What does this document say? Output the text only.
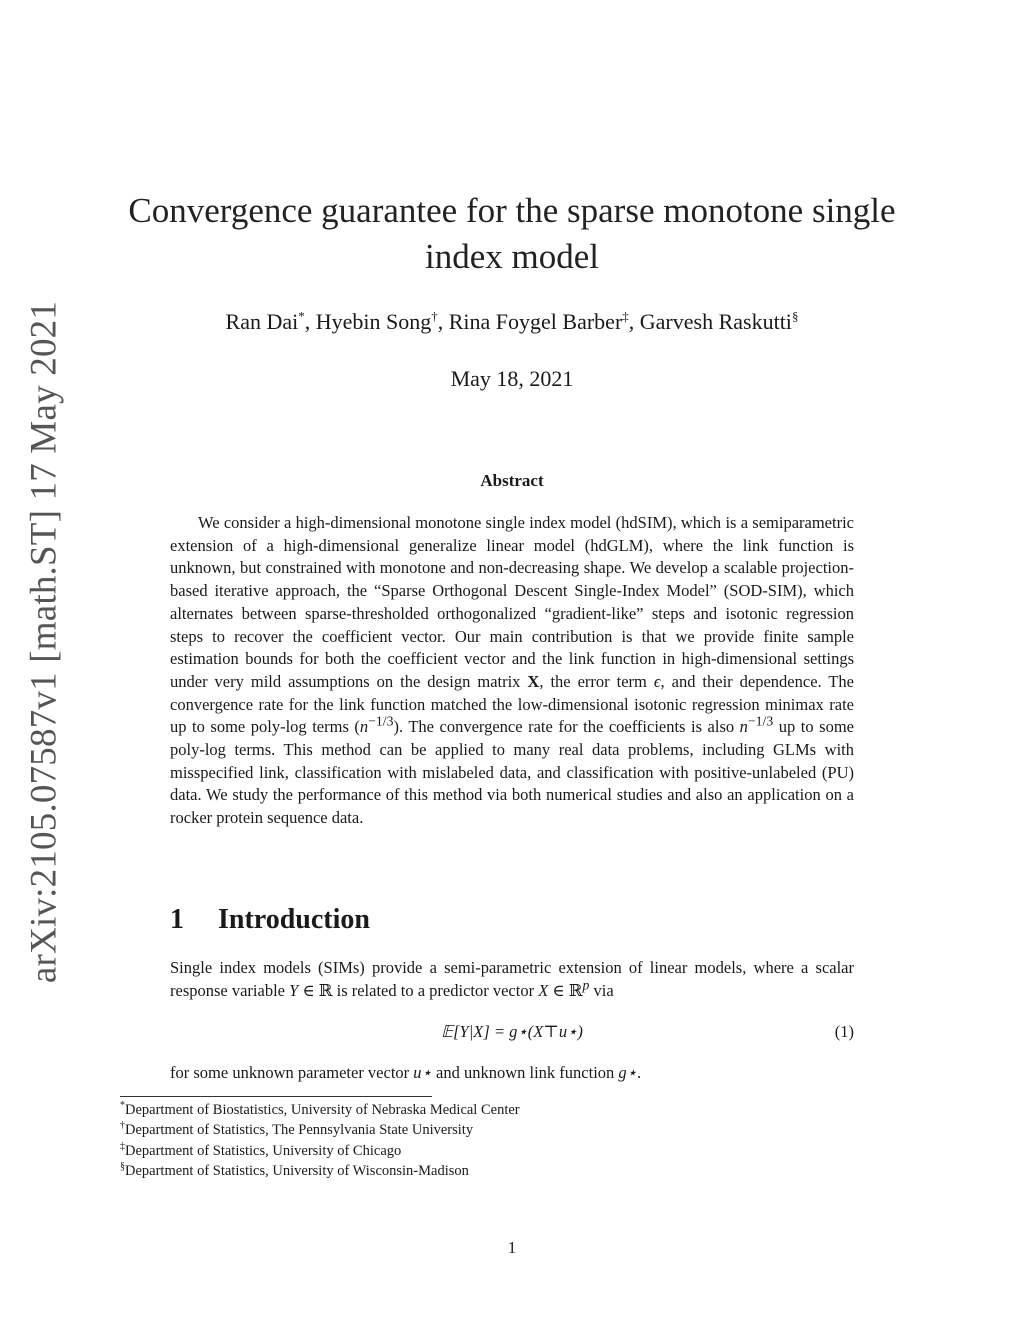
arXiv:2105.07587v1 [math.ST] 17 May 2021
Convergence guarantee for the sparse monotone single
index model
Ran Dai*, Hyebin Song†, Rina Foygel Barber‡, Garvesh Raskutti§
May 18, 2021
Abstract

We consider a high-dimensional monotone single index model (hdSIM), which is a semiparametric extension of a high-dimensional generalize linear model (hdGLM), where the link function is unknown, but constrained with monotone and non-decreasing shape. We develop a scalable projection-based iterative approach, the “Sparse Orthogonal Descent Single-Index Model” (SOD-SIM), which alternates between sparse-thresholded orthogonalized “gradient-like” steps and isotonic regression steps to recover the coefficient vector. Our main contribution is that we provide finite sample estimation bounds for both the coefficient vector and the link function in high-dimensional settings under very mild assumptions on the design matrix X, the error term ϵ, and their dependence. The convergence rate for the link function matched the low-dimensional isotonic regression minimax rate up to some poly-log terms $(n^{-1/3})$. The convergence rate for the coefficients is also $n^{-1/3}$ up to some poly-log terms. This method can be applied to many real data problems, including GLMs with misspecified link, classification with mislabeled data, and classification with positive-unlabeled (PU) data. We study the performance of this method via both numerical studies and also an application on a rocker protein sequence data.

1 Introduction

Single index models (SIMs) provide a semi-parametric extension of linear models, where a scalar response variable Y ∈ ℝ is related to a predictor vector X ∈ ℝ$^p$ via

𝔼[Y|X] = g⋆(X⊤u⋆)	(1)

for some unknown parameter vector u⋆ and unknown link function g⋆.

*Department of Biostatistics, University of Nebraska Medical Center
†Department of Statistics, The Pennsylvania State University
‡Department of Statistics, University of Chicago
§Department of Statistics, University of Wisconsin-Madison
1
